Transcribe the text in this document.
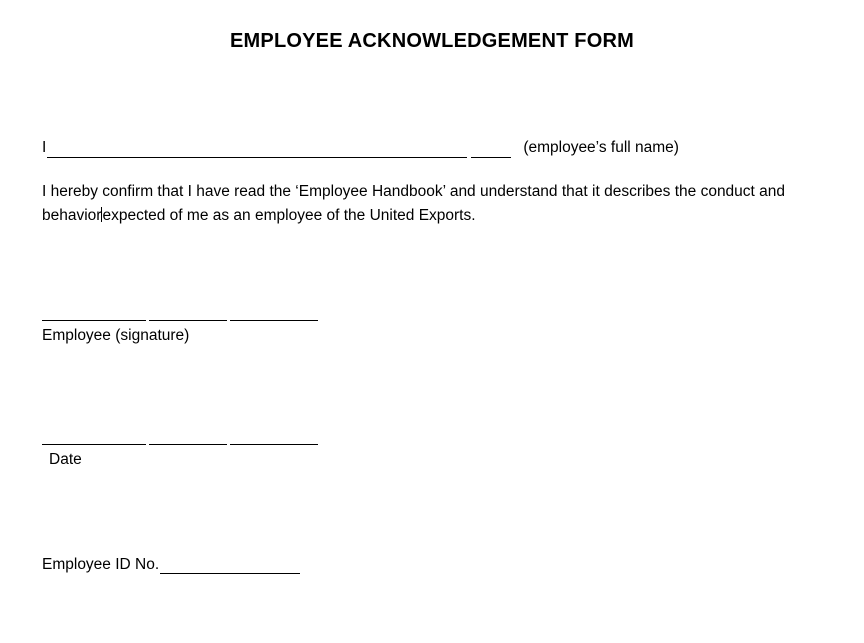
EMPLOYEE ACKNOWLEDGEMENT FORM
I	(employee’s full name)
I hereby confirm that I have read the ‘Employee Handbook’ and understand that it describes the conduct and behaviorexpected of me as an employee of the United Exports.
Employee (signature)
Date
Employee ID No.
